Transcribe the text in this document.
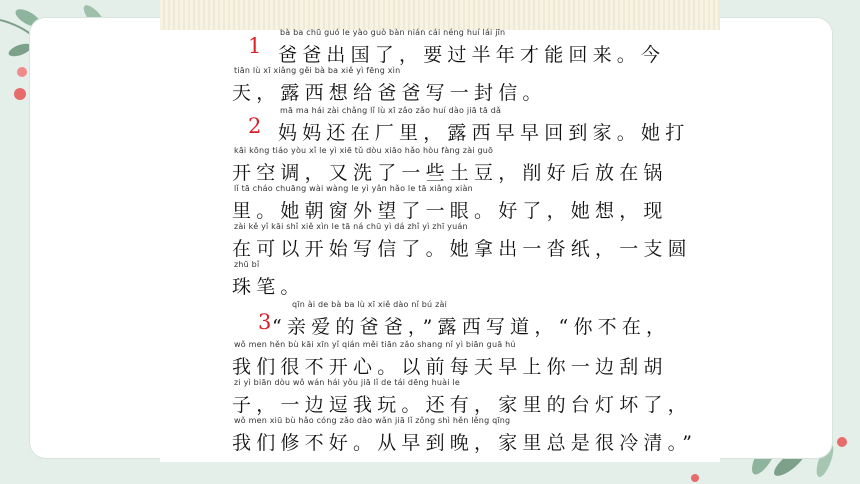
1
2
3
bà ba chū guó le yào guò bàn nián cái néng huí lái jīn
爸爸出国了，要过半年才能回来。今
tiān lù xī xiǎng gěi bà ba xiě yì fēng xìn
天，露西想给爸爸写一封信。
mā ma hái zài chǎng lǐ lù xī zǎo zǎo huí dào jiā tā dǎ
妈妈还在厂里，露西早早回到家。她打
kāi kōng tiáo yòu xǐ le yì xiē tǔ dòu xiāo hǎo hòu fàng zài guō
开空调，又洗了一些土豆，削好后放在锅
lǐ tā cháo chuāng wài wàng le yì yǎn hǎo le tā xiǎng xiàn
里。她朝窗外望了一眼。好了，她想，现
zài kě yǐ kāi shǐ xiě xìn le tā ná chū yì dá zhǐ yì zhī yuán
在可以开始写信了。她拿出一沓纸，一支圆
zhū bǐ
珠笔。
qīn ài de bà ba lù xī xiě dào nǐ bú zài
“亲爱的爸爸，”露西写道，“你不在，
wǒ men hěn bù kāi xīn yǐ qián měi tiān zǎo shang nǐ yì biān guā hú
我们很不开心。以前每天早上你一边刮胡
zi yì biān dòu wǒ wán hái yǒu jiā lǐ de tái dēng huài le
子，一边逗我玩。还有，家里的台灯坏了，
wǒ men xiū bù hǎo cóng zǎo dào wǎn jiā lǐ zǒng shì hěn lěng qīng
我们修不好。从早到晚，家里总是很冷清。”
